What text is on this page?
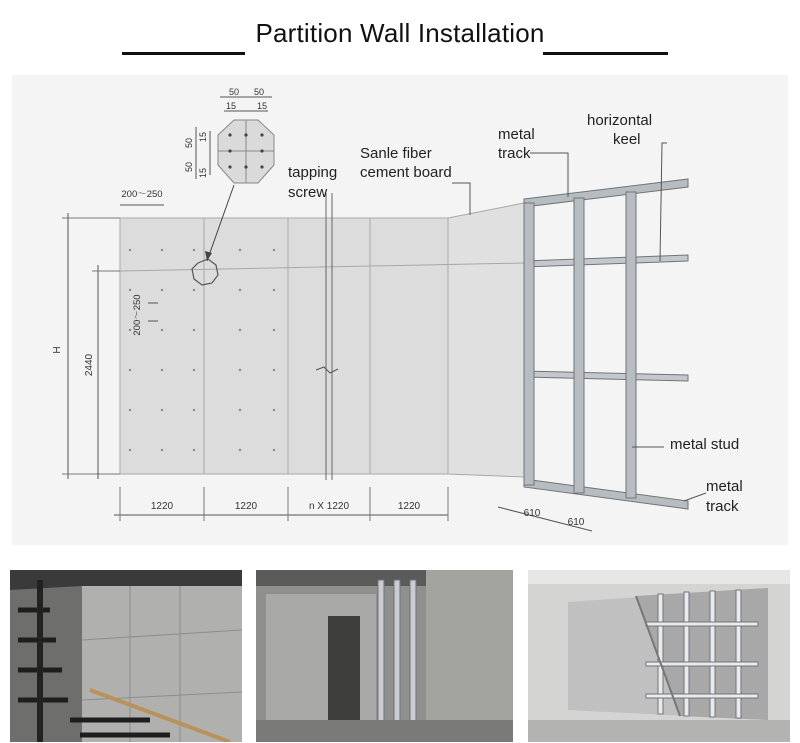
Partition Wall Installation
50 50
15 15
50
15
50
15
200～250
200～250
H
2440
1220	1220	n X 1220	1220
610
610
metal
track
horizontal
keel
Sanle fiber
cement board
tapping
screw
metal stud
metal
track
